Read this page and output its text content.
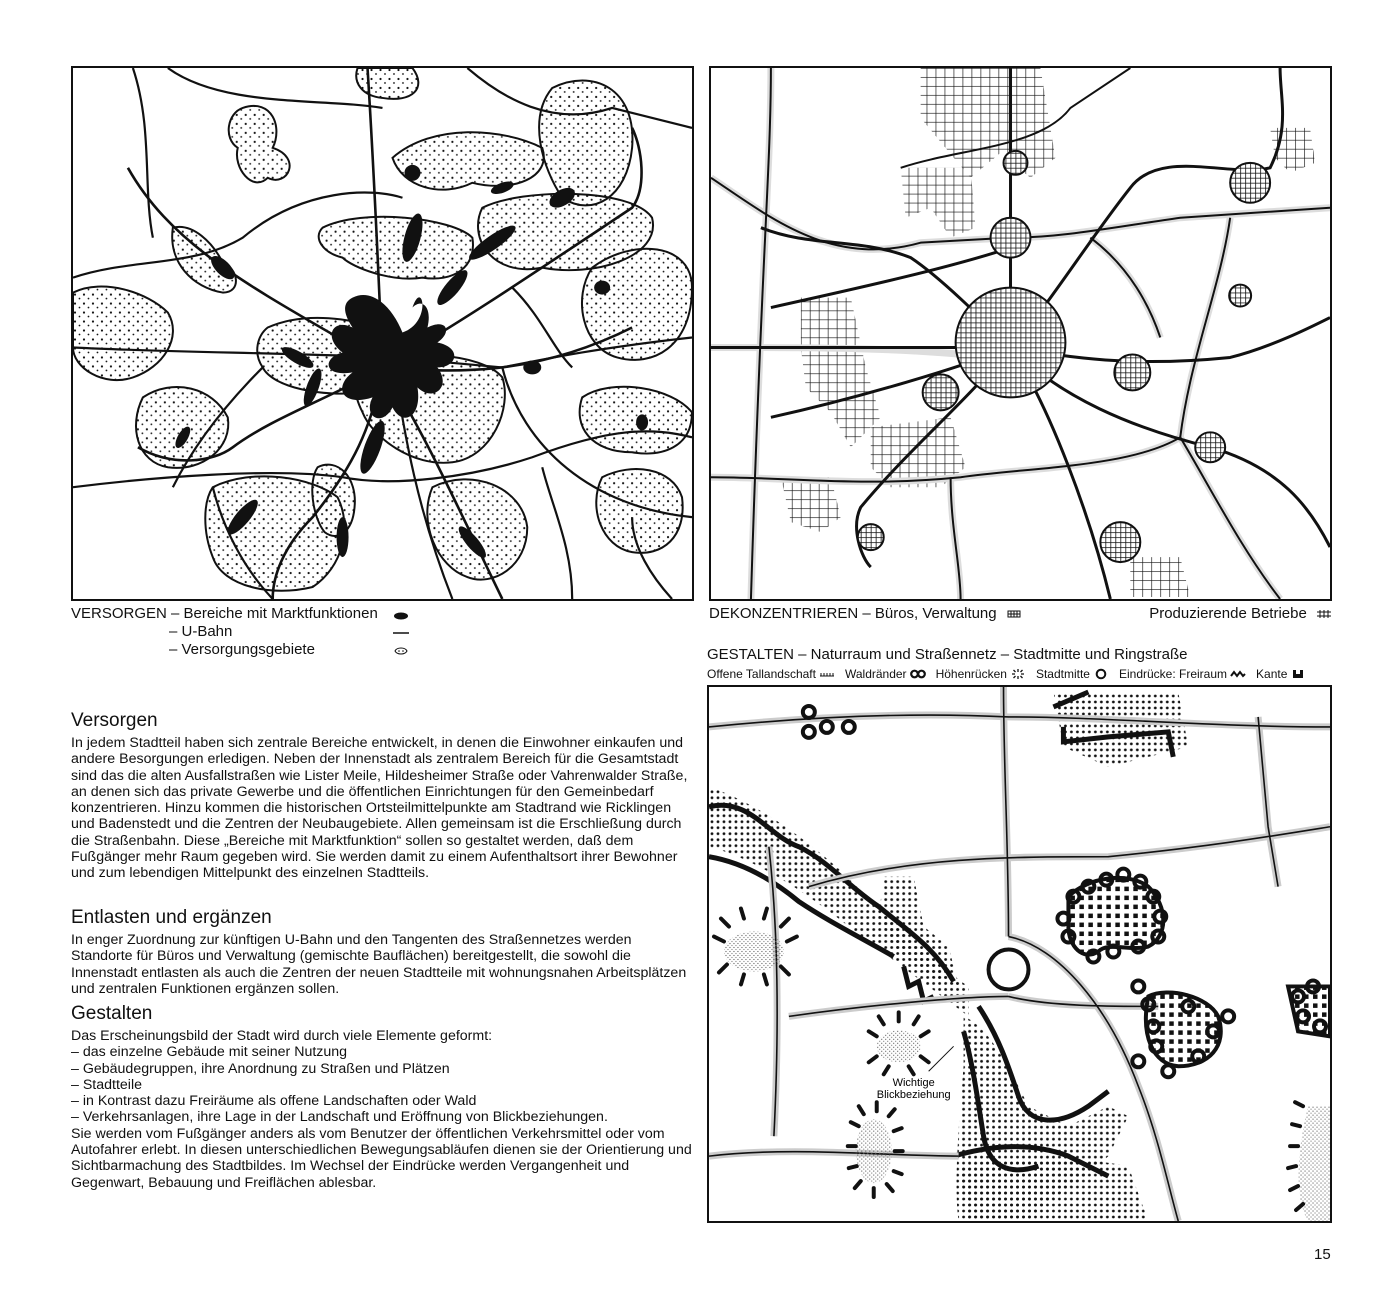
VERSORGEN – Bereiche mit Marktfunktionen
– U-Bahn
– Versorgungsgebiete
DEKONZENTRIEREN – Büros, Verwaltung	Produzierende Betriebe
GESTALTEN – Naturraum und Straßennetz – Stadtmitte und Ringstraße
Offene Tallandschaft Waldränder Höhenrücken Stadtmitte Eindrücke: Freiraum Kante
Wichtige
Blickbeziehung
Versorgen

In jedem Stadtteil haben sich zentrale Bereiche entwickelt, in denen die Einwohner einkaufen und andere Besorgungen erledigen. Neben der Innenstadt als zentralem Bereich für die Gesamtstadt sind das die alten Ausfallstraßen wie Lister Meile, Hildesheimer Straße oder Vahrenwalder Straße, an denen sich das private Gewerbe und die öffentlichen Einrichtungen für den Gemeinbedarf konzentrieren. Hinzu kommen die historischen Ortsteilmittelpunkte am Stadtrand wie Ricklingen und Badenstedt und die Zentren der Neubaugebiete. Allen gemeinsam ist die Erschließung durch die Straßenbahn. Diese „Bereiche mit Marktfunktion“ sollen so gestaltet werden, daß dem Fußgänger mehr Raum gegeben wird. Sie werden damit zu einem Aufenthaltsort ihrer Bewohner und zum lebendigen Mittelpunkt des einzelnen Stadtteils.

Entlasten und ergänzen

In enger Zuordnung zur künftigen U-Bahn und den Tangenten des Straßennetzes werden Standorte für Büros und Verwaltung (gemischte Bauflächen) bereitgestellt, die sowohl die Innenstadt entlasten als auch die Zentren der neuen Stadtteile mit wohnungsnahen Arbeitsplätzen und zentralen Funktionen ergänzen sollen.

Gestalten

Das Erscheinungsbild der Stadt wird durch viele Elemente geformt:

– das einzelne Gebäude mit seiner Nutzung
– Gebäudegruppen, ihre Anordnung zu Straßen und Plätzen
– Stadtteile
– in Kontrast dazu Freiräume als offene Landschaften oder Wald
– Verkehrsanlagen, ihre Lage in der Landschaft und Eröffnung von Blickbeziehungen.

Sie werden vom Fußgänger anders als vom Benutzer der öffentlichen Verkehrsmittel oder vom Autofahrer erlebt. In diesen unterschiedlichen Bewegungsabläufen dienen sie der Orientierung und Sichtbarmachung des Stadtbildes. Im Wechsel der Eindrücke werden Vergangenheit und Gegenwart, Bebauung und Freiflächen ablesbar.

15
